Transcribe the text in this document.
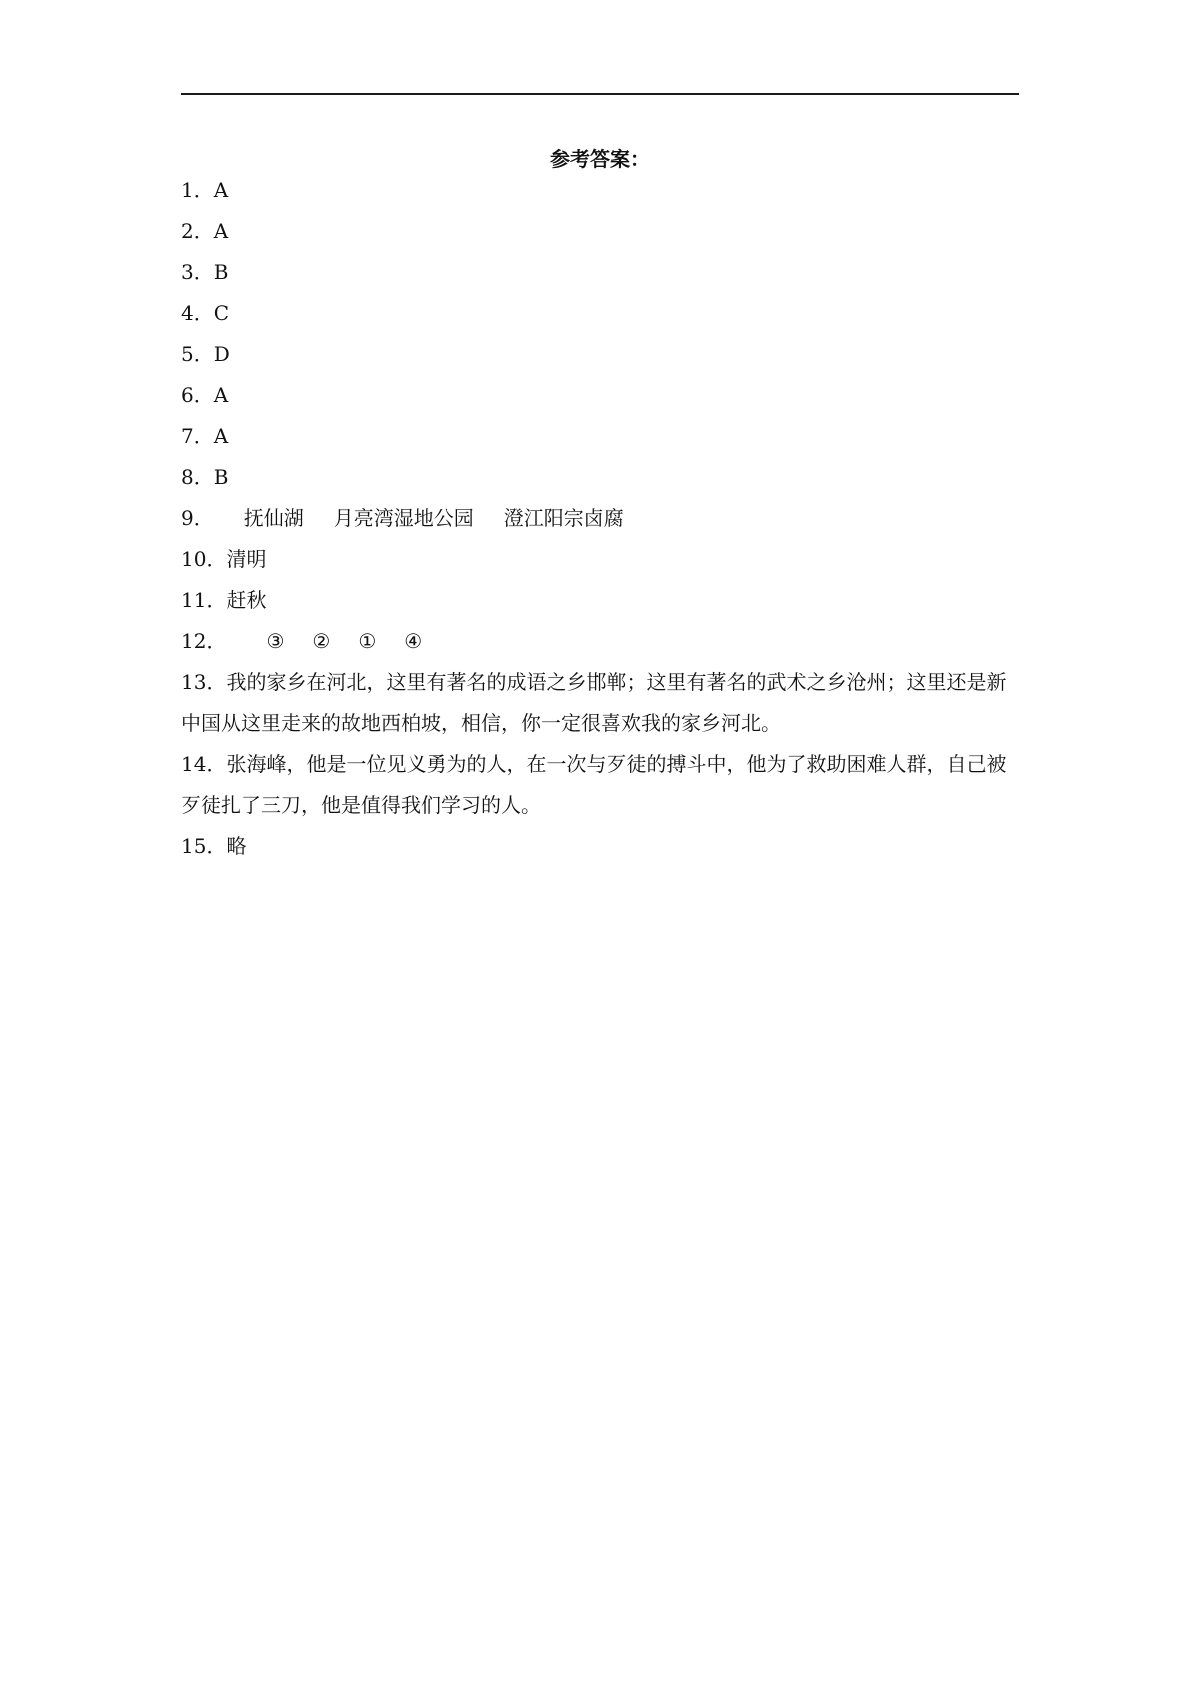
参考答案：

1．A

2．A

3．B

4．C

5．D

6．A

7．A

8．B

9． 抚仙湖 月亮湾湿地公园 澄江阳宗卤腐

10．清明

11．赶秋

12． ③ ② ① ④

13．我的家乡在河北，这里有著名的成语之乡邯郸；这里有著名的武术之乡沧州；这里还是新中国从这里走来的故地西柏坡，相信，你一定很喜欢我的家乡河北。

14．张海峰，他是一位见义勇为的人，在一次与歹徒的搏斗中，他为了救助困难人群，自己被歹徒扎了三刀，他是值得我们学习的人。

15．略
